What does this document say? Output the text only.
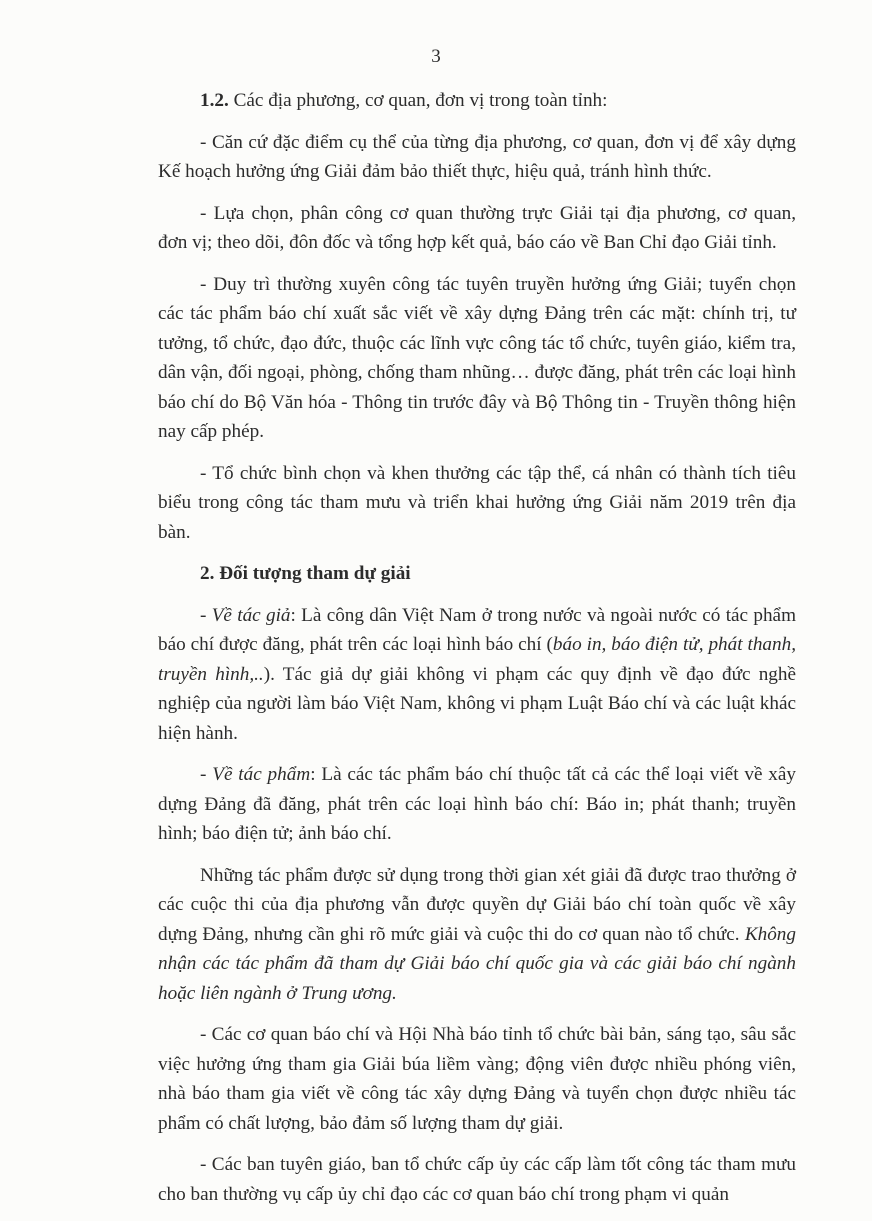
3

1.2. Các địa phương, cơ quan, đơn vị trong toàn tỉnh:

- Căn cứ đặc điểm cụ thể của từng địa phương, cơ quan, đơn vị để xây dựng Kế hoạch hưởng ứng Giải đảm bảo thiết thực, hiệu quả, tránh hình thức.

- Lựa chọn, phân công cơ quan thường trực Giải tại địa phương, cơ quan, đơn vị; theo dõi, đôn đốc và tổng hợp kết quả, báo cáo về Ban Chỉ đạo Giải tỉnh.

- Duy trì thường xuyên công tác tuyên truyền hưởng ứng Giải; tuyển chọn các tác phẩm báo chí xuất sắc viết về xây dựng Đảng trên các mặt: chính trị, tư tưởng, tổ chức, đạo đức, thuộc các lĩnh vực công tác tổ chức, tuyên giáo, kiểm tra, dân vận, đối ngoại, phòng, chống tham nhũng… được đăng, phát trên các loại hình báo chí do Bộ Văn hóa - Thông tin trước đây và Bộ Thông tin - Truyền thông hiện nay cấp phép.

- Tổ chức bình chọn và khen thưởng các tập thể, cá nhân có thành tích tiêu biểu trong công tác tham mưu và triển khai hưởng ứng Giải năm 2019 trên địa bàn.

2. Đối tượng tham dự giải

- Về tác giả: Là công dân Việt Nam ở trong nước và ngoài nước có tác phẩm báo chí được đăng, phát trên các loại hình báo chí (báo in, báo điện tử, phát thanh, truyền hình,..). Tác giả dự giải không vi phạm các quy định về đạo đức nghề nghiệp của người làm báo Việt Nam, không vi phạm Luật Báo chí và các luật khác hiện hành.

- Về tác phẩm: Là các tác phẩm báo chí thuộc tất cả các thể loại viết về xây dựng Đảng đã đăng, phát trên các loại hình báo chí: Báo in; phát thanh; truyền hình; báo điện tử; ảnh báo chí.

Những tác phẩm được sử dụng trong thời gian xét giải đã được trao thưởng ở các cuộc thi của địa phương vẫn được quyền dự Giải báo chí toàn quốc về xây dựng Đảng, nhưng cần ghi rõ mức giải và cuộc thi do cơ quan nào tổ chức. Không nhận các tác phẩm đã tham dự Giải báo chí quốc gia và các giải báo chí ngành hoặc liên ngành ở Trung ương.

- Các cơ quan báo chí và Hội Nhà báo tỉnh tổ chức bài bản, sáng tạo, sâu sắc việc hưởng ứng tham gia Giải búa liềm vàng; động viên được nhiều phóng viên, nhà báo tham gia viết về công tác xây dựng Đảng và tuyển chọn được nhiều tác phẩm có chất lượng, bảo đảm số lượng tham dự giải.

- Các ban tuyên giáo, ban tổ chức cấp ủy các cấp làm tốt công tác tham mưu cho ban thường vụ cấp ủy chỉ đạo các cơ quan báo chí trong phạm vi quản
